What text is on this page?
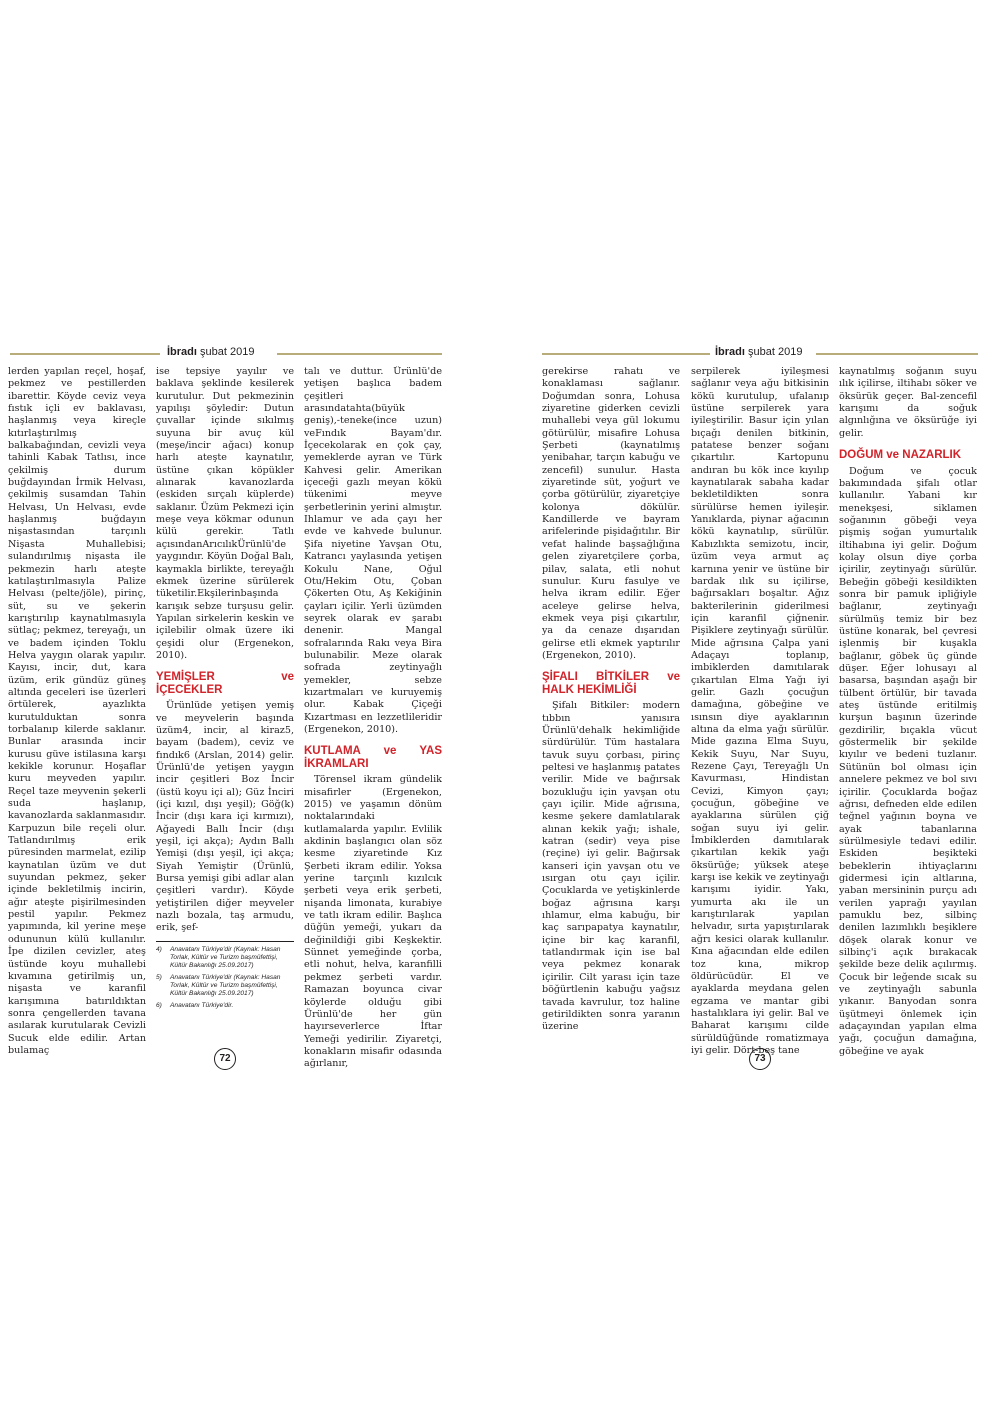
İbradı şubat 2019

lerden yapılan reçel, hoşaf, pekmez ve pestillerden ibarettir. Köyde ceviz veya fıstık içli ev baklavası, haşlanmış veya kireçle kıtırlaştırılmış balkabağından, cevizli veya tahinli Kabak Tatlısı, ince çekilmiş durum buğdayından İrmik Helvası, çekilmiş susamdan Tahin Helvası, Un Helvası, evde haşlanmış buğdayın nişastasından tarçınlı Nişasta Muhallebisi; sulandırılmış nişasta ile pekmezin harlı ateşte katılaştırılmasıyla Palize Helvası (pelte/jöle), pirinç, süt, su ve şekerin karıştırılıp kaynatılmasıyla sütlaç; pekmez, tereyağı, un ve badem içinden Toklu Helva yaygın olarak yapılır. Kayısı, incir, dut, kara üzüm, erik gündüz güneş altında geceleri ise üzerleri örtülerek, ayazlıkta kurutulduktan sonra torbalanıp kilerde saklanır. Bunlar arasında incir kurusu güve istilasına karşı kekikle korunur. Hoşaflar kuru meyveden yapılır. Reçel taze meyvenin şekerli suda haşlanıp, kavanozlarda saklanmasıdır. Karpuzun bile reçeli olur. Tatlandırılmış erik püresinden marmelat, ezilip kaynatılan üzüm ve dut suyundan pekmez, şeker içinde bekletilmiş incirin, ağır ateşte pişirilmesinden pestil yapılır. Pekmez yapımında, kil yerine meşe odununun külü kullanılır. İpe dizilen cevizler, ateş üstünde koyu muhallebi kıvamına getirilmiş un, nişasta ve karanfil karışımına batırıldıktan sonra çengellerden tavana asılarak kurutularak Cevizli Sucuk elde edilir. Artan bulamaç

ise tepsiye yayılır ve baklava şeklinde kesilerek kurutulur. Dut pekmezinin yapılışı şöyledir: Dutun çuvallar içinde sıkılmış suyuna bir avuç kül (meşe/incir ağacı) konup harlı ateşte kaynatılır, üstüne çıkan köpükler alınarak kavanozlarda (eskiden sırçalı küplerde) saklanır. Üzüm Pekmezi için meşe veya kökmar odunun külü gerekir. Tatlı açısındanArıcılıkÜrünlü'de yaygındır. Köyün Doğal Balı, kaymakla birlikte, tereyağlı ekmek üzerine sürülerek tüketilir.Ekşilerinbaşında karışık sebze turşusu gelir. Yapılan sirkelerin keskin ve içilebilir olmak üzere iki çeşidi olur (Ergenekon, 2010).

YEMİŞLER ve İÇECEKLER

Ürünlüde yetişen yemiş ve meyvelerin başında üzüm4, incir, al kiraz5, bayam (badem), ceviz ve fındık6 (Arslan, 2014) gelir. Ürünlü'de yetişen yaygın incir çeşitleri Boz İncir (üstü koyu içi al); Güz İnciri (içi kızıl, dışı yeşil); Göğ(k) İncir (dışı kara içi kırmızı), Ağayedi Ballı İncir (dışı yeşil, içi akça); Aydın Ballı Yemişi (dışı yeşil, içi akça; Siyah Yemiştir (Ürünlü, Bursa yemişi gibi adlar alan çeşitleri vardır). Köyde yetiştirilen diğer meyveler nazlı bozala, taş armudu, erik, şef-

4)	Anavatanı Türkiye'dir (Kaynak: Hasan Torlak, Kültür ve Turizm başmüfettişi, Kültür Bakanlığı 25.09.2017)
5)	Anavatanı Türkiye'dir (Kaynak: Hasan Torlak, Kültür ve Turizm başmüfettişi, Kültür Bakanlığı 25.09.2017)
6)	Anavatanı Türkiye'dir.

talı ve duttur. Ürünlü'de yetişen başlıca badem çeşitleri arasındatahta(büyük geniş),-teneke(ince uzun) veFındık Bayam'dır. İçecekolarak en çok çay, yemeklerde ayran ve Türk Kahvesi gelir. Amerikan içeceği gazlı meyan kökü tükenimi meyve şerbetlerinin yerini almıştır. Ihlamur ve ada çayı her evde ve kahvede bulunur. Şifa niyetine Yavşan Otu, Katrancı yaylasında yetişen Kokulu Nane, Oğul Otu/Hekim Otu, Çoban Çökerten Otu, Aş Kekiğinin çayları içilir. Yerli üzümden seyrek olarak ev şarabı denenir. Mangal sofralarında Rakı veya Bira bulunabilir. Meze olarak sofrada zeytinyağlı yemekler, sebze kızartmaları ve kuruyemiş olur. Kabak Çiçeği Kızartması en lezzetlileridir (Ergenekon, 2010).

KUTLAMA ve YAS İKRAMLARI

Törensel ikram gündelik misafirler (Ergenekon, 2015) ve yaşamın dönüm noktalarındaki kutlamalarda yapılır. Evlilik akdinin başlangıcı olan söz kesme ziyaretinde Kız Şerbeti ikram edilir. Yoksa yerine tarçınlı kızılcık şerbeti veya erik şerbeti, nişanda limonata, kurabiye ve tatlı ikram edilir. Başlıca düğün yemeği, yukarı da değinildiği gibi Keşkektir. Sünnet yemeğinde çorba, etli nohut, helva, karanfilli pekmez şerbeti vardır. Ramazan boyunca civar köylerde olduğu gibi Ürünlü'de her gün hayırseverlerce İftar Yemeği yedirilir. Ziyaretçi, konakların misafir odasında ağırlanır,

72
İbradı şubat 2019

gerekirse rahatı ve konaklaması sağlanır. Doğumdan sonra, Lohusa ziyaretine giderken cevizli muhallebi veya gül lokumu götürülür, misafire Lohusa Şerbeti (kaynatılmış yenibahar, tarçın kabuğu ve zencefil) sunulur. Hasta ziyaretinde süt, yoğurt ve çorba götürülür, ziyaretçiye kolonya dökülür. Kandillerde ve bayram arifelerinde pişidağıtılır. Bir vefat halinde başsağlığına gelen ziyaretçilere çorba, pilav, salata, etli nohut sunulur. Kuru fasulye ve helva ikram edilir. Eğer aceleye gelirse helva, ekmek veya pişi çıkartılır, ya da cenaze dışarıdan gelirse etli ekmek yaptırılır (Ergenekon, 2010).

ŞİFALI BİTKİLER ve HALK HEKİMLİĞİ

Şifalı Bitkiler: modern tıbbın yanısıra Ürünlü'dehalk hekimliğide sürdürülür. Tüm hastalara tavuk suyu çorbası, pirinç peltesi ve haşlanmış patates verilir. Mide ve bağırsak bozukluğu için yavşan otu çayı içilir. Mide ağrısına, kesme şekere damlatılarak alınan kekik yağı; ishale, katran (sedir) veya pise (reçine) iyi gelir. Bağırsak kanseri için yavşan otu ve ısırgan otu çayı içilir. Çocuklarda ve yetişkinlerde boğaz ağrısına karşı ıhlamur, elma kabuğu, bir kaç sarıpapatya kaynatılır, içine bir kaç karanfil, tatlandırmak için ise bal veya pekmez konarak içirilir. Cilt yarası için taze böğürtlenin kabuğu yağsız tavada kavrulur, toz haline getirildikten sonra yaranın üzerine

serpilerek iyileşmesi sağlanır veya ağu bitkisinin kökü kurutulup, ufalanıp üstüne serpilerek yara iyileştirilir. Basur için yılan bıçağı denilen bitkinin, patatese benzer soğanı çıkartılır. Kartopunu andıran bu kök ince kıyılıp kaynatılarak sabaha kadar bekletildikten sonra sürülürse hemen iyileşir. Yanıklarda, piynar ağacının kökü kaynatılıp, sürülür. Kabızlıkta semizotu, incir, üzüm veya armut aç karnına yenir ve üstüne bir bardak ılık su içilirse, bağırsakları boşaltır. Ağız bakterilerinin giderilmesi için karanfil çiğnenir. Pişiklere zeytinyağı sürülür. Mide ağrısına Çalpa yani Adaçayı toplanıp, imbiklerden damıtılarak çıkartılan Elma Yağı iyi gelir. Gazlı çocuğun damağına, göbeğine ve ısınsın diye ayaklarının altına da elma yağı sürülür. Mide gazına Elma Suyu, Kekik Suyu, Nar Suyu, Rezene Çayı, Tereyağlı Un Kavurması, Hindistan Cevizi, Kimyon çayı; çocuğun, göbeğine ve ayaklarına sürülen çiğ soğan suyu iyi gelir. İmbiklerden damıtılarak çıkartılan kekik yağı öksürüğe; yüksek ateşe karşı ise kekik ve zeytinyağı karışımı iyidir. Yakı, yumurta akı ile un karıştırılarak yapılan helvadır, sırta yapıştırılarak ağrı kesici olarak kullanılır. Kına ağacından elde edilen toz kına, mikrop öldürücüdür. El ve ayaklarda meydana gelen egzama ve mantar gibi hastalıklara iyi gelir. Bal ve Baharat karışımı cilde sürüldüğünde romatizmaya iyi gelir. Dört-beş tane

kaynatılmış soğanın suyu ılık içilirse, iltihabı söker ve öksürük geçer. Bal-zencefil karışımı da soğuk algınlığına ve öksürüğe iyi gelir.

DOĞUM ve NAZARLIK

Doğum ve çocuk bakımındada şifalı otlar kullanılır. Yabani kır menekşesi, siklamen soğanının göbeği veya pişmiş soğan yumurtalık iltihabına iyi gelir. Doğum kolay olsun diye çorba içirilir, zeytinyağı sürülür. Bebeğin göbeği kesildikten sonra bir pamuk ipliğiyle bağlanır, zeytinyağı sürülmüş temiz bir bez üstüne konarak, bel çevresi işlenmiş bir kuşakla bağlanır, göbek üç günde düşer. Eğer lohusayı al basarsa, başından aşağı bir tülbent örtülür, bir tavada ateş üstünde eritilmiş kurşun başının üzerinde gezdirilir, bıçakla vücut göstermelik bir şekilde kıyılır ve bedeni tuzlanır. Sütünün bol olması için annelere pekmez ve bol sıvı içirilir. Çocuklarda boğaz ağrısı, defneden elde edilen teğnel yağının boyna ve ayak tabanlarına sürülmesiyle tedavi edilir. Eskiden beşikteki bebeklerin ihtiyaçlarını gidermesi için altlarına, yaban mersininin purçu adı verilen yaprağı yayılan pamuklu bez, silbinç denilen lazımlıklı beşiklere döşek olarak konur ve silbinç'i açık bırakacak şekilde beze delik açılırmış. Çocuk bir leğende sıcak su ve zeytinyağlı sabunla yıkanır. Banyodan sonra üşütmeyi önlemek için adaçayından yapılan elma yağı, çocuğun damağına, göbeğine ve ayak

73
